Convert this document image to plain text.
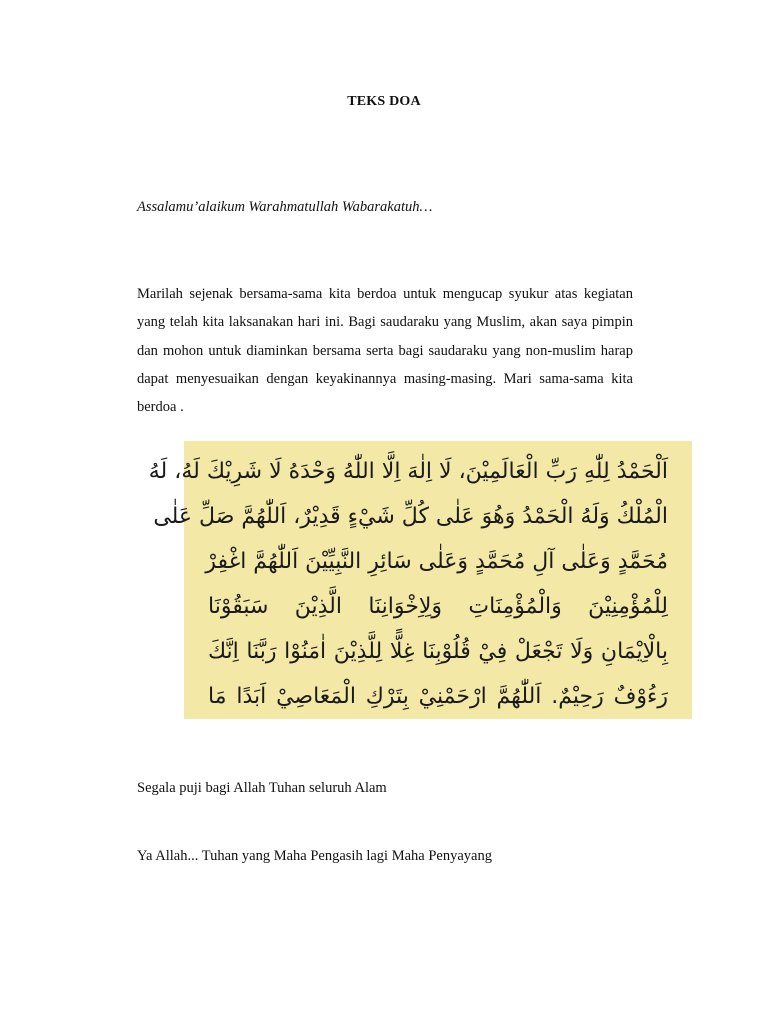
TEKS DOA
Assalamu’alaikum Warahmatullah Wabarakatuh…
Marilah sejenak bersama-sama kita berdoa untuk mengucap syukur atas kegiatan yang telah kita laksanakan hari ini. Bagi saudaraku yang Muslim, akan saya pimpin dan mohon untuk diaminkan bersama serta bagi saudaraku yang non-muslim harap dapat menyesuaikan dengan keyakinannya masing-masing. Mari sama-sama kita berdoa .
اَلْحَمْدُ لِلّٰهِ رَبِّ الْعَالَمِيْنَ، لَا اِلٰهَ اِلَّا اللّٰهُ وَحْدَهُ لَا شَرِيْكَ لَهُ، لَهُ
الْمُلْكُ وَلَهُ الْحَمْدُ وَهُوَ عَلٰى كُلِّ شَيْءٍ قَدِيْرٌ، اَللّٰهُمَّ صَلِّ عَلٰى
مُحَمَّدٍ وَعَلٰى آلِ مُحَمَّدٍ وَعَلٰى سَائِرِ النَّبِيِّيْنَ اَللّٰهُمَّ اغْفِرْ
لِلْمُؤْمِنِيْنَ وَالْمُؤْمِنَاتِ وَلِاِخْوَانِنَا الَّذِيْنَ سَبَقُوْنَا
بِالْاِيْمَانِ وَلَا تَجْعَلْ فِيْ قُلُوْبِنَا غِلًّا لِلَّذِيْنَ اٰمَنُوْا رَبَّنَا اِنَّكَ
رَءُوْفٌ رَحِيْمٌ. اَللّٰهُمَّ ارْحَمْنِيْ بِتَرْكِ الْمَعَاصِيْ اَبَدًا مَا
Segala puji bagi Allah Tuhan seluruh Alam
Ya Allah... Tuhan yang Maha Pengasih lagi Maha Penyayang
